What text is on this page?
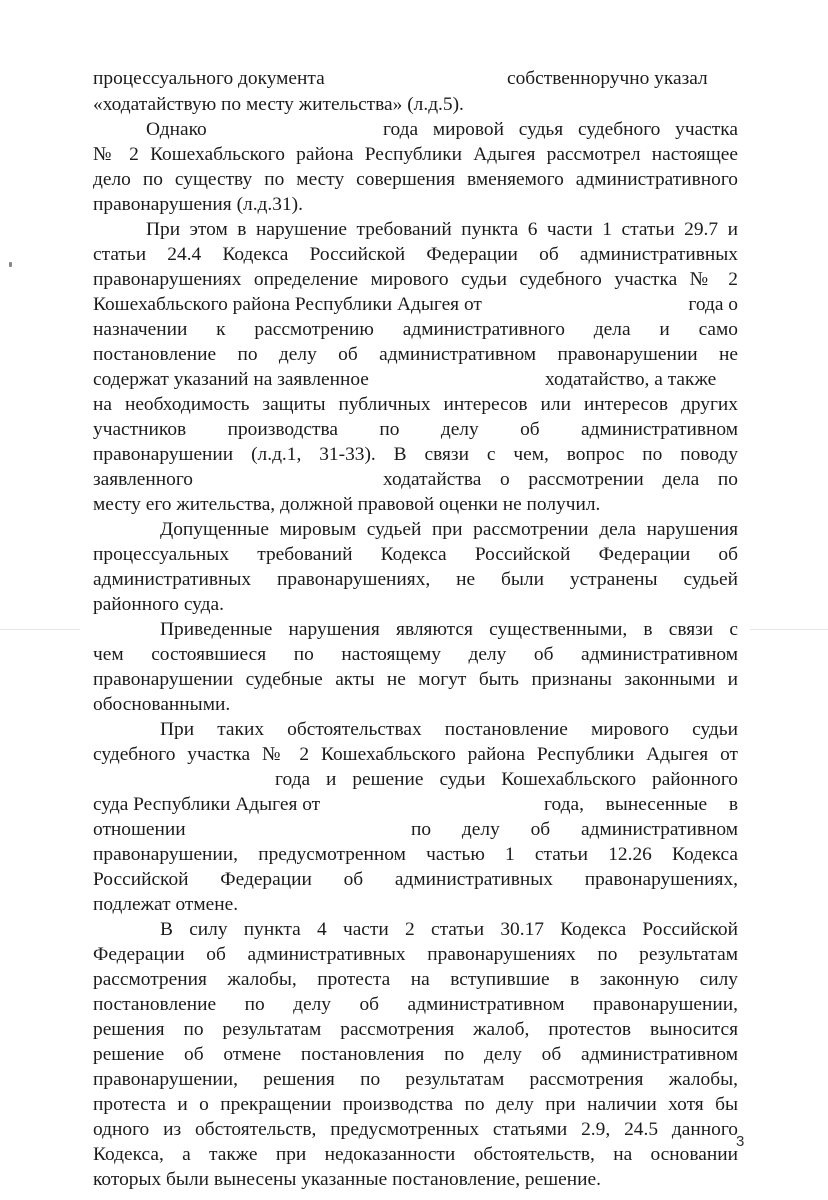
процессуального документа	собственноручно указал
«ходатайствую по месту жительства» (л.д.5).
Однако	года мировой судья судебного участка
№ 2 Кошехабльского района Республики Адыгея рассмотрел настоящее
дело по существу по месту совершения вменяемого административного
правонарушения (л.д.31).
При этом в нарушение требований пункта 6 части 1 статьи 29.7 и
статьи 24.4 Кодекса Российской Федерации об административных
правонарушениях определение мирового судьи судебного участка № 2
Кошехабльского района Республики Адыгея от	года о
назначении к рассмотрению административного дела и само
постановление по делу об административном правонарушении не
содержат указаний на заявленное	ходатайство, а также
на необходимость защиты публичных интересов или интересов других
участников производства по делу об административном
правонарушении (л.д.1, 31-33). В связи с чем, вопрос по поводу
заявленного	ходатайства о рассмотрении дела по
месту его жительства, должной правовой оценки не получил.
Допущенные мировым судьей при рассмотрении дела нарушения
процессуальных требований Кодекса Российской Федерации об
административных правонарушениях, не были устранены судьей
районного суда.
Приведенные нарушения являются существенными, в связи с
чем состоявшиеся по настоящему делу об административном
правонарушении судебные акты не могут быть признаны законными и
обоснованными.
При таких обстоятельствах постановление мирового судьи
судебного участка № 2 Кошехабльского района Республики Адыгея от
года и решение судьи Кошехабльского районного
суда Республики Адыгея от	года, вынесенные в
отношении	по делу об административном
правонарушении, предусмотренном частью 1 статьи 12.26 Кодекса
Российской Федерации об административных правонарушениях,
подлежат отмене.
В силу пункта 4 части 2 статьи 30.17 Кодекса Российской
Федерации об административных правонарушениях по результатам
рассмотрения жалобы, протеста на вступившие в законную силу
постановление по делу об административном правонарушении,
решения по результатам рассмотрения жалоб, протестов выносится
решение об отмене постановления по делу об административном
правонарушении, решения по результатам рассмотрения жалобы,
протеста и о прекращении производства по делу при наличии хотя бы
одного из обстоятельств, предусмотренных статьями 2.9, 24.5 данного
Кодекса, а также при недоказанности обстоятельств, на основании
которых были вынесены указанные постановление, решение.
3
